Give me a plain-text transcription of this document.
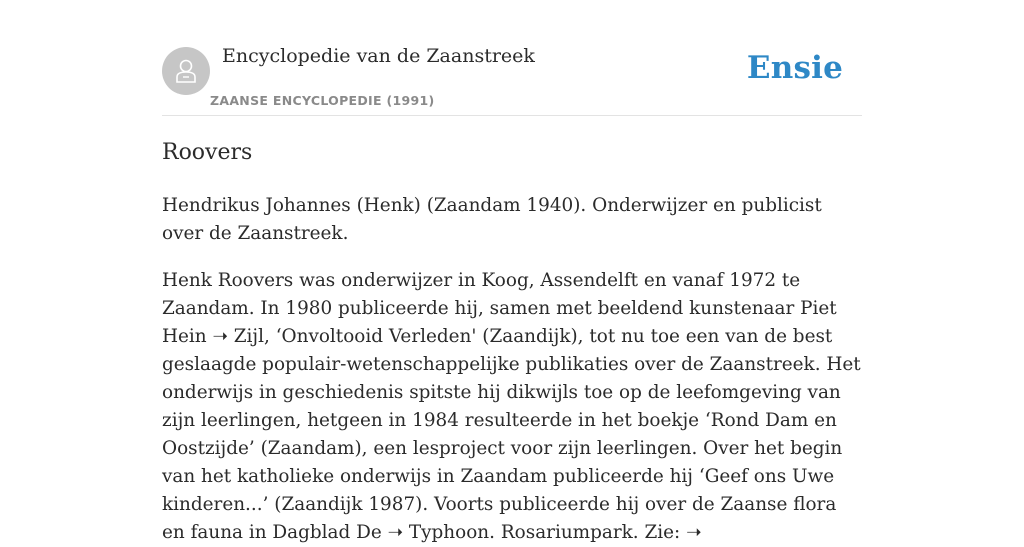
Encyclopedie van de Zaanstreek
ZAANSE ENCYCLOPEDIE (1991)
Ensie
Roovers

Hendrikus Johannes (Henk) (Zaandam 1940). Onderwijzer en publicist over de Zaanstreek.

Henk Roovers was onderwijzer in Koog, Assendelft en vanaf 1972 te Zaandam. In 1980 publiceerde hij, samen met beeldend kunstenaar Piet Hein ➝ Zijl, ‘Onvoltooid Verleden' (Zaandijk), tot nu toe een van de best geslaagde populair-wetenschappelijke publikaties over de Zaanstreek. Het onderwijs in geschiedenis spitste hij dikwijls toe op de leefomgeving van zijn leerlingen, hetgeen in 1984 resulteerde in het boekje ‘Rond Dam en Oostzijde’ (Zaandam), een lesproject voor zijn leerlingen. Over het begin van het katholieke onderwijs in Zaandam publiceerde hij ‘Geef ons Uwe kinderen...’ (Zaandijk 1987). Voorts publiceerde hij over de Zaanse flora en fauna in Dagblad De ➝ Typhoon. Rosariumpark. Zie: ➝
